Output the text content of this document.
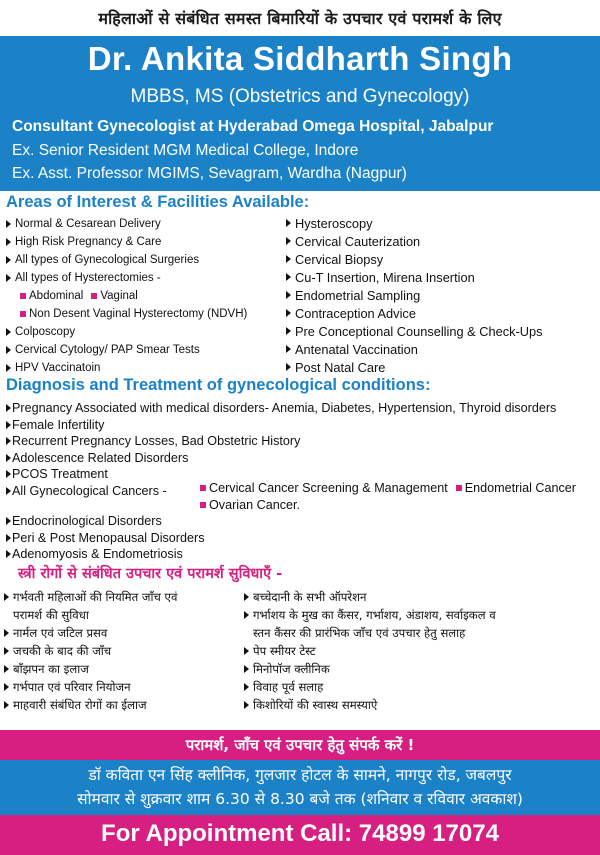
महिलाओं से संबंधित समस्त बिमारियों के उपचार एवं परामर्श के लिए
Dr. Ankita Siddharth Singh
MBBS, MS (Obstetrics and Gynecology)
Consultant Gynecologist at Hyderabad Omega Hospital, Jabalpur
Ex. Senior Resident MGM Medical College, Indore
Ex. Asst. Professor MGIMS, Sevagram, Wardha (Nagpur)
Areas of Interest & Facilities Available:
Normal & Cesarean Delivery
High Risk Pregnancy & Care
All types of Gynecological Surgeries
All types of Hysterectomies -
Abdominal Vaginal
Non Desent Vaginal Hysterectomy (NDVH)
Colposcopy
Cervical Cytology/ PAP Smear Tests
HPV Vaccinatoin
Hysteroscopy
Cervical Cauterization
Cervical Biopsy
Cu-T Insertion, Mirena Insertion
Endometrial Sampling
Contraception Advice
Pre Conceptional Counselling & Check-Ups
Antenatal Vaccination
Post Natal Care
Diagnosis and Treatment of gynecological conditions:
Pregnancy Associated with medical disorders- Anemia, Diabetes, Hypertension, Thyroid disorders
Female Infertility
Recurrent Pregnancy Losses, Bad Obstetric History
Adolescence Related Disorders
PCOS Treatment
All Gynecological Cancers -	Cervical Cancer Screening & Management Endometrial Cancer
Ovarian Cancer.
Endocrinological Disorders
Peri & Post Menopausal Disorders
Adenomyosis & Endometriosis
स्त्री रोगों से संबंधित उपचार एवं परामर्श सुविधाएँ -
गर्भवती महिलाओं की नियमित जाँच एवं
परामर्श की सुविधा
नार्मल एवं जटिल प्रसव
जचकी के बाद की जाँच
बाँझपन का इलाज
गर्भपात एवं परिवार नियोजन
माहवारी संबंधित रोगों का ईलाज
बच्चेदानी के सभी ऑपरेशन
गर्भाशय के मुख का कैंसर, गर्भाशय, अंडाशय, सर्वाइकल व
स्तन कैंसर की प्रारंभिक जाँच एवं उपचार हेतु सलाह
पेप स्मीयर टेस्ट
मिनोपॉज क्लीनिक
विवाह पूर्व सलाह
किशोरियों की स्वास्थ समस्याऐ
परामर्श, जाँच एवं उपचार हेतु संपर्क करें !
डॉ कविता एन सिंह क्लीनिक, गुलजार होटल के सामने, नागपुर रोड, जबलपुर
सोमवार से शुक्रवार शाम 6.30 से 8.30 बजे तक (शनिवार व रविवार अवकाश)
For Appointment Call: 74899 17074
